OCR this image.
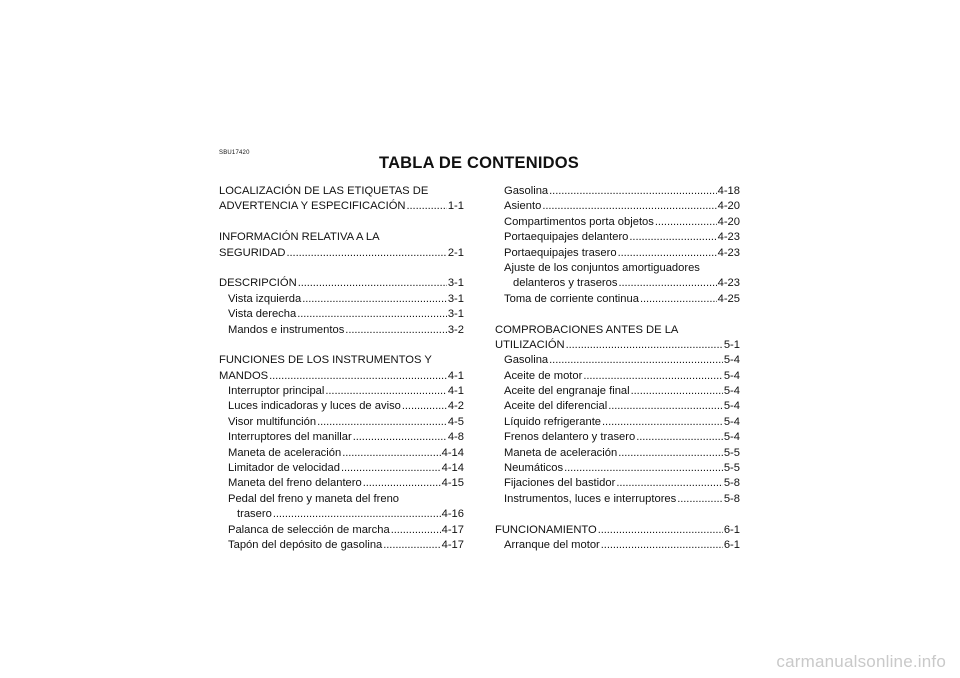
SBU17420
TABLA DE CONTENIDOS
LOCALIZACIÓN DE LAS ETIQUETAS DE
ADVERTENCIA Y ESPECIFICACIÓN . . .	1-1
INFORMACIÓN RELATIVA A LA
SEGURIDAD . . .	2-1
DESCRIPCIÓN . . .	3-1
Vista izquierda . . .	3-1
Vista derecha . . .	3-1
Mandos e instrumentos . . .	3-2
FUNCIONES DE LOS INSTRUMENTOS Y
MANDOS . . .	4-1
Interruptor principal . . .	4-1
Luces indicadoras y luces de aviso . . .	4-2
Visor multifunción . . .	4-5
Interruptores del manillar . . .	4-8
Maneta de aceleración . . .	4-14
Limitador de velocidad . . .	4-14
Maneta del freno delantero . . .	4-15
Pedal del freno y maneta del freno
trasero . . .	4-16
Palanca de selección de marcha . . .	4-17
Tapón del depósito de gasolina . . .	4-17
Gasolina . . .	4-18
Asiento . . .	4-20
Compartimentos porta objetos . . .	4-20
Portaequipajes delantero . . .	4-23
Portaequipajes trasero . . .	4-23
Ajuste de los conjuntos amortiguadores
delanteros y traseros . . .	4-23
Toma de corriente continua . . .	4-25
COMPROBACIONES ANTES DE LA
UTILIZACIÓN . . .	5-1
Gasolina . . .	5-4
Aceite de motor . . .	5-4
Aceite del engranaje final . . .	5-4
Aceite del diferencial . . .	5-4
Líquido refrigerante . . .	5-4
Frenos delantero y trasero . . .	5-4
Maneta de aceleración . . .	5-5
Neumáticos . . .	5-5
Fijaciones del bastidor . . .	5-8
Instrumentos, luces e interruptores . . .	5-8
FUNCIONAMIENTO . . .	6-1
Arranque del motor . . .	6-1
carmanualsonline.info
